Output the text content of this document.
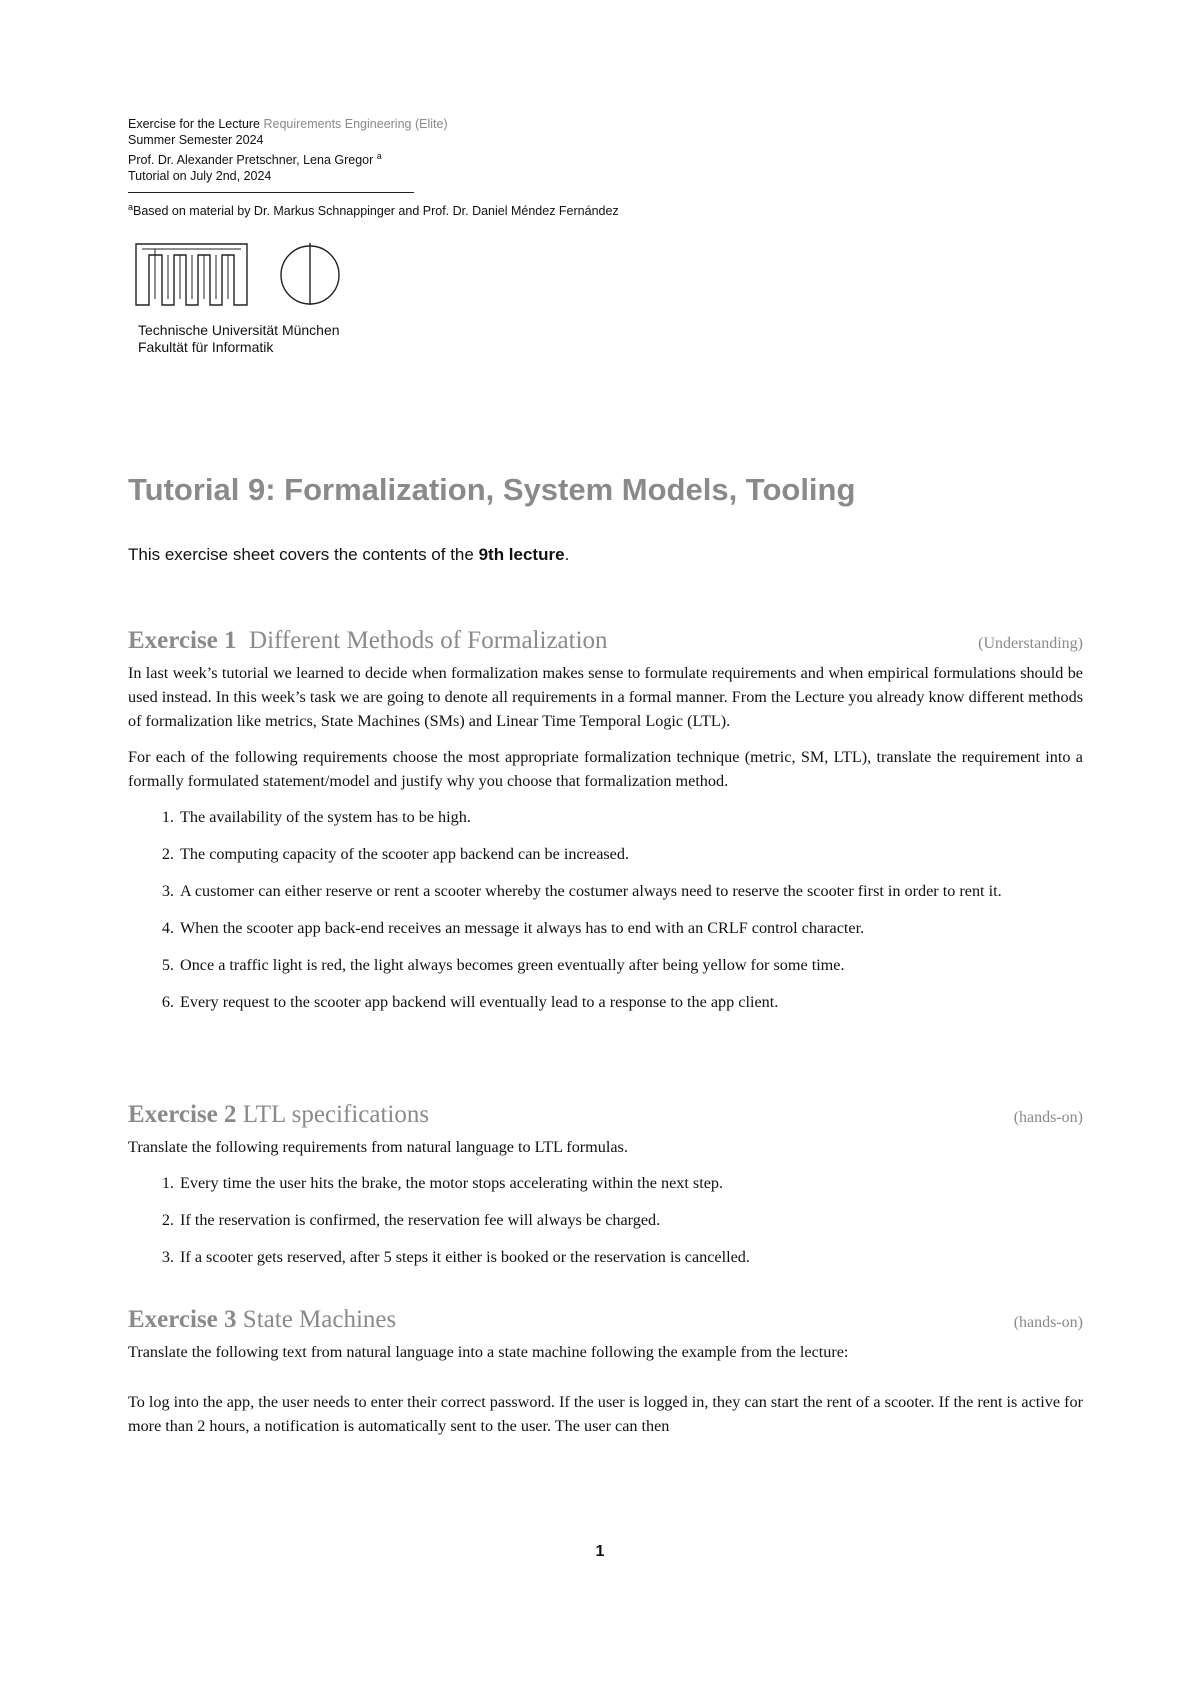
Exercise for the Lecture Requirements Engineering (Elite)
Summer Semester 2024
Prof. Dr. Alexander Pretschner, Lena Gregor $^a$
Tutorial on July 2nd, 2024
$^a$Based on material by Dr. Markus Schnappinger and Prof. Dr. Daniel Méndez Fernández
Technische Universität München
Fakultät für Informatik
Tutorial 9: Formalization, System Models, Tooling
This exercise sheet covers the contents of the 9th lecture.
Exercise 1 Different Methods of Formalization	(Understanding)

In last week’s tutorial we learned to decide when formalization makes sense to formulate requirements and when empirical formulations should be used instead. In this week’s task we are going to denote all requirements in a formal manner. From the Lecture you already know different methods of formalization like metrics, State Machines (SMs) and Linear Time Temporal Logic (LTL).

For each of the following requirements choose the most appropriate formalization technique (metric, SM, LTL), translate the requirement into a formally formulated statement/model and justify why you choose that formalization method.

1. The availability of the system has to be high.
2. The computing capacity of the scooter app backend can be increased.
3. A customer can either reserve or rent a scooter whereby the costumer always need to reserve the scooter first in order to rent it.
4. When the scooter app back-end receives an message it always has to end with an CRLF control character.
5. Once a traffic light is red, the light always becomes green eventually after being yellow for some time.
6. Every request to the scooter app backend will eventually lead to a response to the app client.
Exercise 2 LTL specifications	(hands-on)

Translate the following requirements from natural language to LTL formulas.

1. Every time the user hits the brake, the motor stops accelerating within the next step.
2. If the reservation is confirmed, the reservation fee will always be charged.
3. If a scooter gets reserved, after 5 steps it either is booked or the reservation is cancelled.
Exercise 3 State Machines	(hands-on)

Translate the following text from natural language into a state machine following the example from the lecture:

To log into the app, the user needs to enter their correct password. If the user is logged in, they can start the rent of a scooter. If the rent is active for more than 2 hours, a notification is automatically sent to the user. The user can then

1
